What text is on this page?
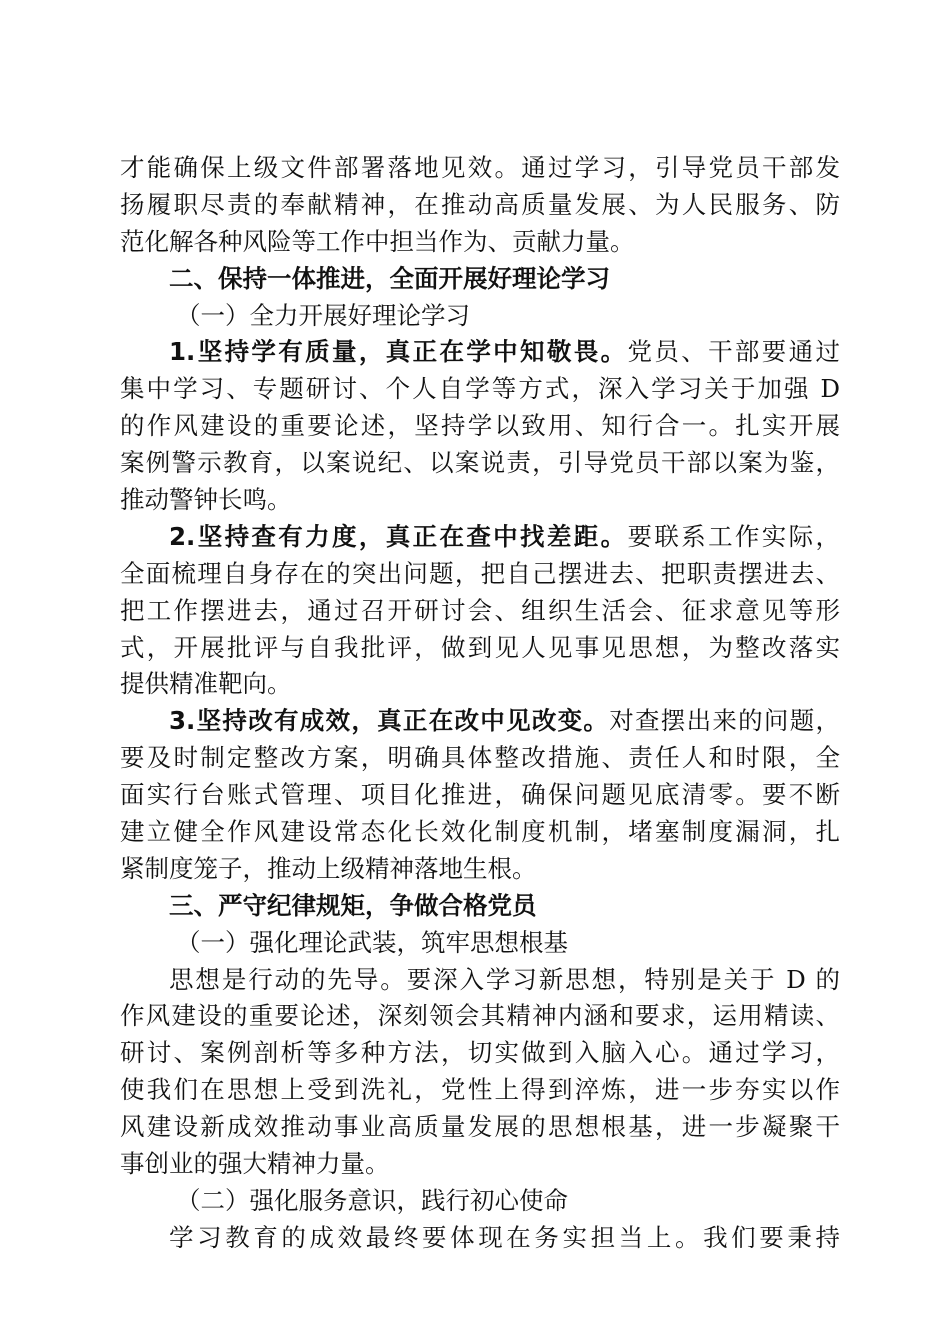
才能确保上级文件部署落地见效。通过学习，引导党员干部发
扬履职尽责的奉献精神，在推动高质量发展、为人民服务、防
范化解各种风险等工作中担当作为、贡献力量。
二、保持一体推进，全面开展好理论学习
（一）全力开展好理论学习
1.坚持学有质量，真正在学中知敬畏。党员、干部要通过
集中学习、专题研讨、个人自学等方式，深入学习关于加强 D
的作风建设的重要论述，坚持学以致用、知行合一。扎实开展
案例警示教育，以案说纪、以案说责，引导党员干部以案为鉴，
推动警钟长鸣。
2.坚持查有力度，真正在查中找差距。要联系工作实际，
全面梳理自身存在的突出问题，把自己摆进去、把职责摆进去、
把工作摆进去，通过召开研讨会、组织生活会、征求意见等形
式，开展批评与自我批评，做到见人见事见思想，为整改落实
提供精准靶向。
3.坚持改有成效，真正在改中见改变。对查摆出来的问题，
要及时制定整改方案，明确具体整改措施、责任人和时限，全
面实行台账式管理、项目化推进，确保问题见底清零。要不断
建立健全作风建设常态化长效化制度机制，堵塞制度漏洞，扎
紧制度笼子，推动上级精神落地生根。
三、严守纪律规矩，争做合格党员
（一）强化理论武装，筑牢思想根基
思想是行动的先导。要深入学习新思想，特别是关于 D 的
作风建设的重要论述，深刻领会其精神内涵和要求，运用精读、
研讨、案例剖析等多种方法，切实做到入脑入心。通过学习，
使我们在思想上受到洗礼，党性上得到淬炼，进一步夯实以作
风建设新成效推动事业高质量发展的思想根基，进一步凝聚干
事创业的强大精神力量。
（二）强化服务意识，践行初心使命
学习教育的成效最终要体现在务实担当上。我们要秉持
